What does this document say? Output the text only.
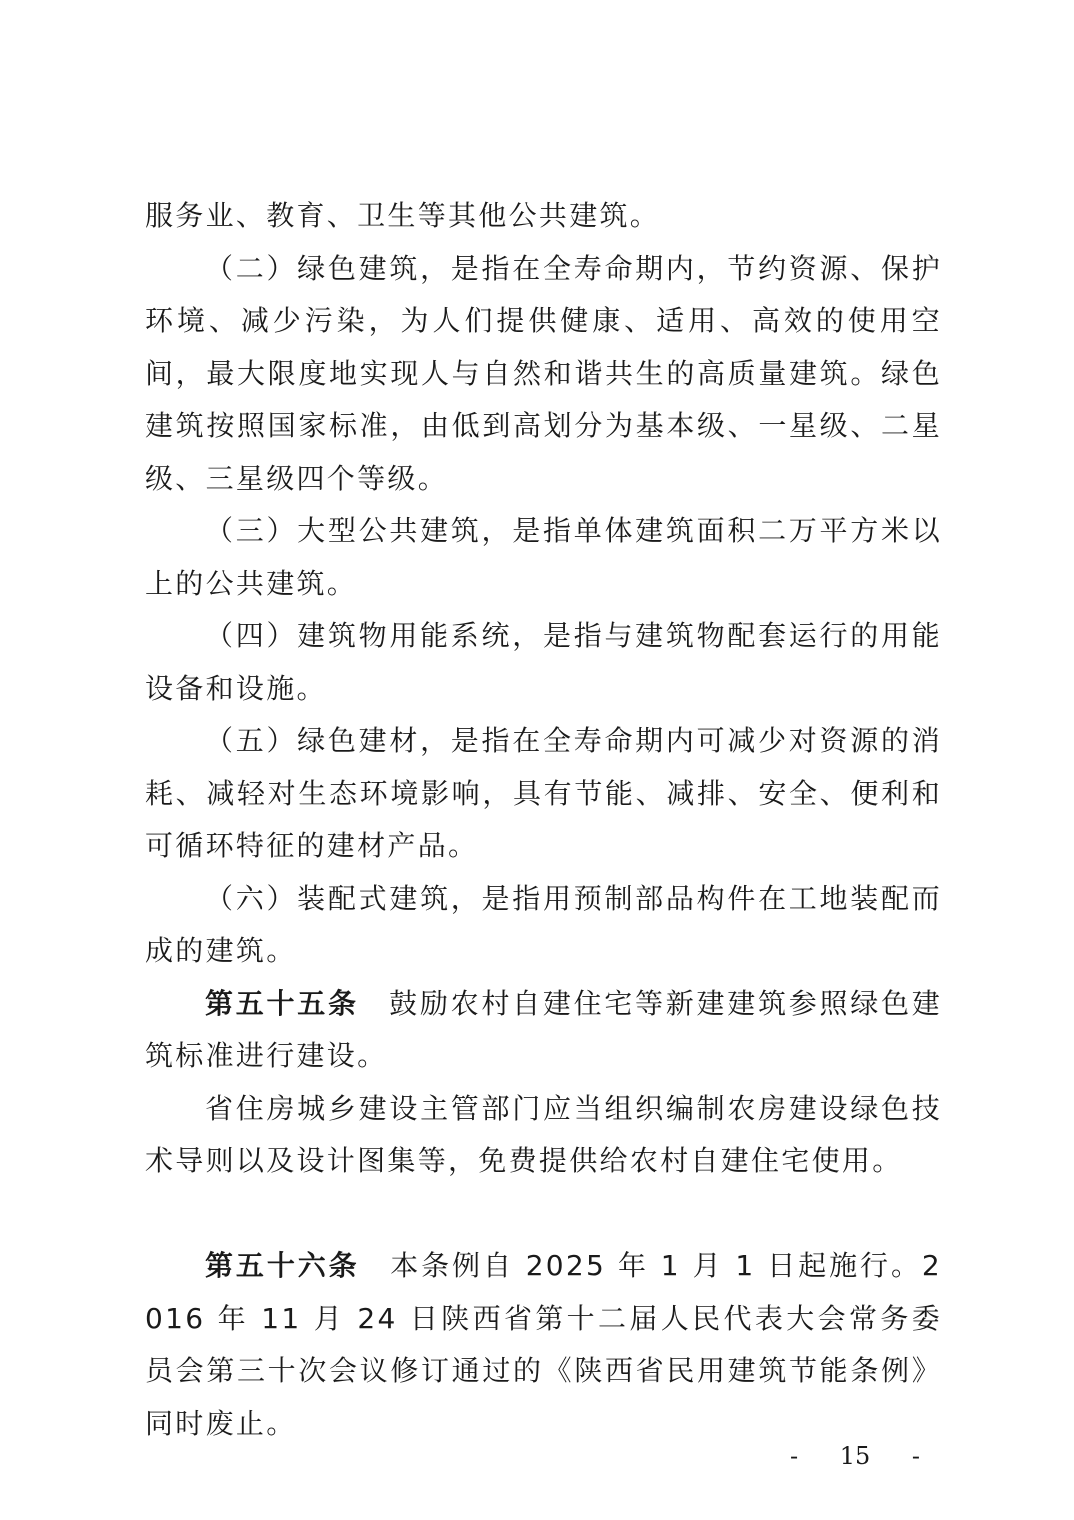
服务业、教育、卫生等其他公共建筑。

（二）绿色建筑，是指在全寿命期内，节约资源、保护环境、减少污染，为人们提供健康、适用、高效的使用空间，最大限度地实现人与自然和谐共生的高质量建筑。绿色建筑按照国家标准，由低到高划分为基本级、一星级、二星级、三星级四个等级。

（三）大型公共建筑，是指单体建筑面积二万平方米以上的公共建筑。

（四）建筑物用能系统，是指与建筑物配套运行的用能设备和设施。

（五）绿色建材，是指在全寿命期内可减少对资源的消耗、减轻对生态环境影响，具有节能、减排、安全、便利和可循环特征的建材产品。

（六）装配式建筑，是指用预制部品构件在工地装配而成的建筑。

第五十五条 鼓励农村自建住宅等新建建筑参照绿色建筑标准进行建设。

省住房城乡建设主管部门应当组织编制农房建设绿色技术导则以及设计图集等，免费提供给农村自建住宅使用。

第五十六条 本条例自 2025 年 1 月 1 日起施行。2016 年 11 月 24 日陕西省第十二届人民代表大会常务委员会第三十次会议修订通过的《陕西省民用建筑节能条例》同时废止。

- 15 -
